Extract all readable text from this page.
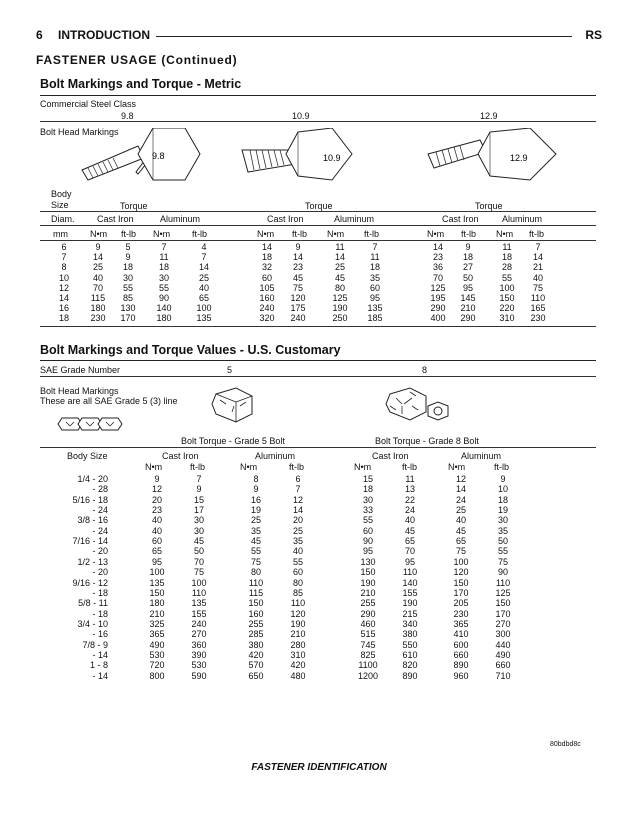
6 INTRODUCTION	RS
FASTENER USAGE (Continued)
Bolt Markings and Torque - Metric
Commercial Steel Class
9.8	10.9	12.9
Bolt Head Markings
9.8	10.9	12.9
Body
Size	Torque	Torque	Torque
Diam. Cast Iron	Aluminum	Cast Iron	Aluminum	Cast Iron	Aluminum
mm N•m ft-lb N•m ft-lb	N•m ft-lb N•m ft-lb	N•m ft-lb N•m ft-lb
6	9	5	7	4	14	9	11	7	14	9	11	7
7	14	9	11	7	18	14	14	11	23	18	18	14
8	25	18	18	14	32	23	25	18	36	27	28	21
10	40	30	30	25	60	45	45	35	70	50	55	40
12	70	55	55	40	105	75	80	60	125	95	100	75
14	115	85	90	65	160	120	125	95	195	145	150	110
16	180	130	140	100	240	175	190	135	290	210	220	165
18	230	170	180	135	320	240	250	185	400	290	310	230
Bolt Markings and Torque Values - U.S. Customary
SAE Grade Number	5	8
Bolt Head Markings
These are all SAE Grade 5 (3) line
Bolt Torque - Grade 5 Bolt	Bolt Torque - Grade 8 Bolt
Body Size	Cast Iron	Aluminum	Cast Iron	Aluminum
N•m	ft-lb	N•m	ft-lb	N•m	ft-lb	N•m	ft-lb
1/4 - 20	9	7	8	6	15	11	12	9
- 28	12	9	9	7	18	13	14	10
5/16 - 18	20	15	16	12	30	22	24	18
- 24	23	17	19	14	33	24	25	19
3/8 - 16	40	30	25	20	55	40	40	30
- 24	40	30	35	25	60	45	45	35
7/16 - 14	60	45	45	35	90	65	65	50
- 20	65	50	55	40	95	70	75	55
1/2 - 13	95	70	75	55	130	95	100	75
- 20	100	75	80	60	150	110	120	90
9/16 - 12	135	100	110	80	190	140	150	110
- 18	150	110	115	85	210	155	170	125
5/8 - 11	180	135	150	110	255	190	205	150
- 18	210	155	160	120	290	215	230	170
3/4 - 10	325	240	255	190	460	340	365	270
- 16	365	270	285	210	515	380	410	300
7/8 - 9	490	360	380	280	745	550	600	440
- 14	530	390	420	310	825	610	660	490
1 - 8	720	530	570	420	1100	820	890	660
- 14	800	590	650	480	1200	890	960	710
80bdbd8c
FASTENER IDENTIFICATION
